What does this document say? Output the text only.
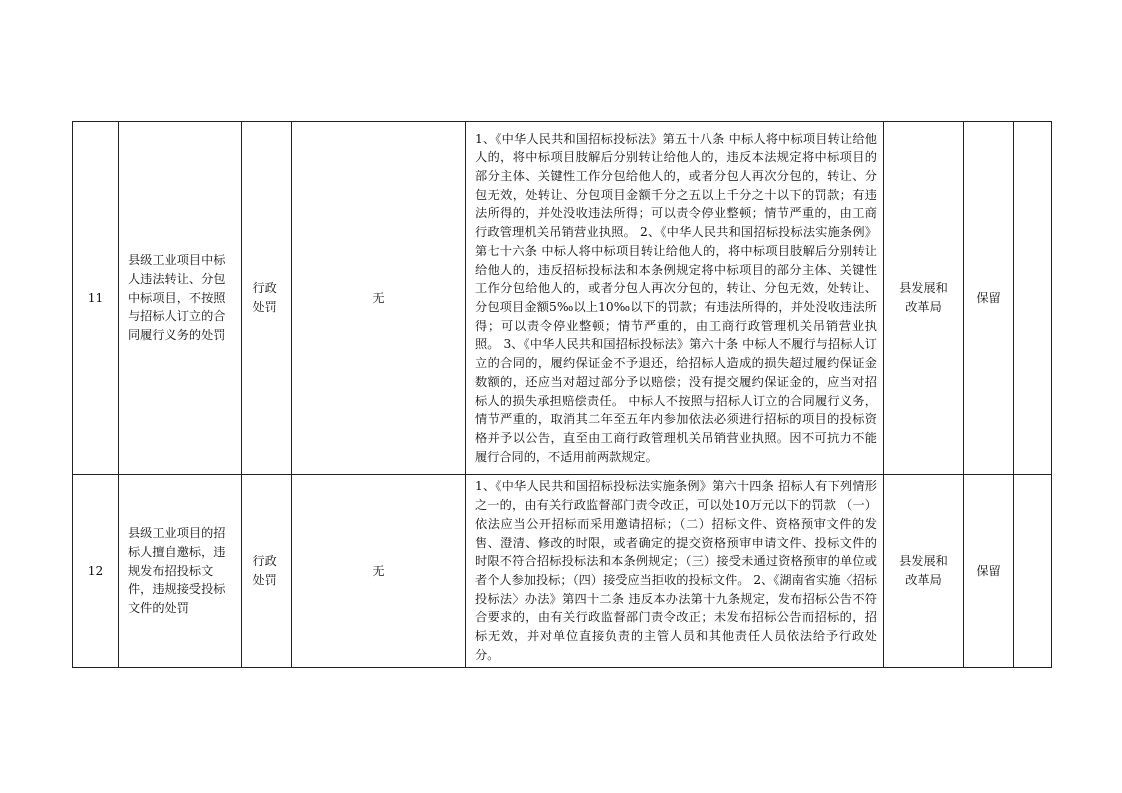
11	县级工业项目中标人违法转让、分包中标项目，不按照与招标人订立的合同履行义务的处罚	行政处罚	无	1、《中华人民共和国招标投标法》第五十八条 中标人将中标项目转让给他人的，将中标项目肢解后分别转让给他人的，违反本法规定将中标项目的部分主体、关键性工作分包给他人的，或者分包人再次分包的，转让、分包无效，处转让、分包项目金额千分之五以上千分之十以下的罚款；有违法所得的，并处没收违法所得；可以责令停业整顿；情节严重的，由工商行政管理机关吊销营业执照。 2、《中华人民共和国招标投标法实施条例》第七十六条 中标人将中标项目转让给他人的，将中标项目肢解后分别转让给他人的，违反招标投标法和本条例规定将中标项目的部分主体、关键性工作分包给他人的，或者分包人再次分包的，转让、分包无效，处转让、分包项目金额5‰以上10‰以下的罚款；有违法所得的，并处没收违法所得；可以责令停业整顿；情节严重的，由工商行政管理机关吊销营业执照。 3、《中华人民共和国招标投标法》第六十条 中标人不履行与招标人订立的合同的，履约保证金不予退还，给招标人造成的损失超过履约保证金数额的，还应当对超过部分予以赔偿；没有提交履约保证金的，应当对招标人的损失承担赔偿责任。 中标人不按照与招标人订立的合同履行义务，情节严重的，取消其二年至五年内参加依法必须进行招标的项目的投标资格并予以公告，直至由工商行政管理机关吊销营业执照。因不可抗力不能履行合同的，不适用前两款规定。	县发展和改革局	保留	
12	县级工业项目的招标人擅自邀标，违规发布招投标文件，违规接受投标文件的处罚	行政处罚	无	1、《中华人民共和国招标投标法实施条例》第六十四条 招标人有下列情形之一的，由有关行政监督部门责令改正，可以处10万元以下的罚款 （一）依法应当公开招标而采用邀请招标；（二）招标文件、资格预审文件的发售、澄清、修改的时限，或者确定的提交资格预审申请文件、投标文件的时限不符合招标投标法和本条例规定；（三）接受未通过资格预审的单位或者个人参加投标；（四）接受应当拒收的投标文件。 2、《湖南省实施〈招标投标法〉办法》第四十二条 违反本办法第十九条规定，发布招标公告不符合要求的，由有关行政监督部门责令改正；未发布招标公告而招标的，招标无效，并对单位直接负责的主管人员和其他责任人员依法给予行政处分。	县发展和改革局	保留	
